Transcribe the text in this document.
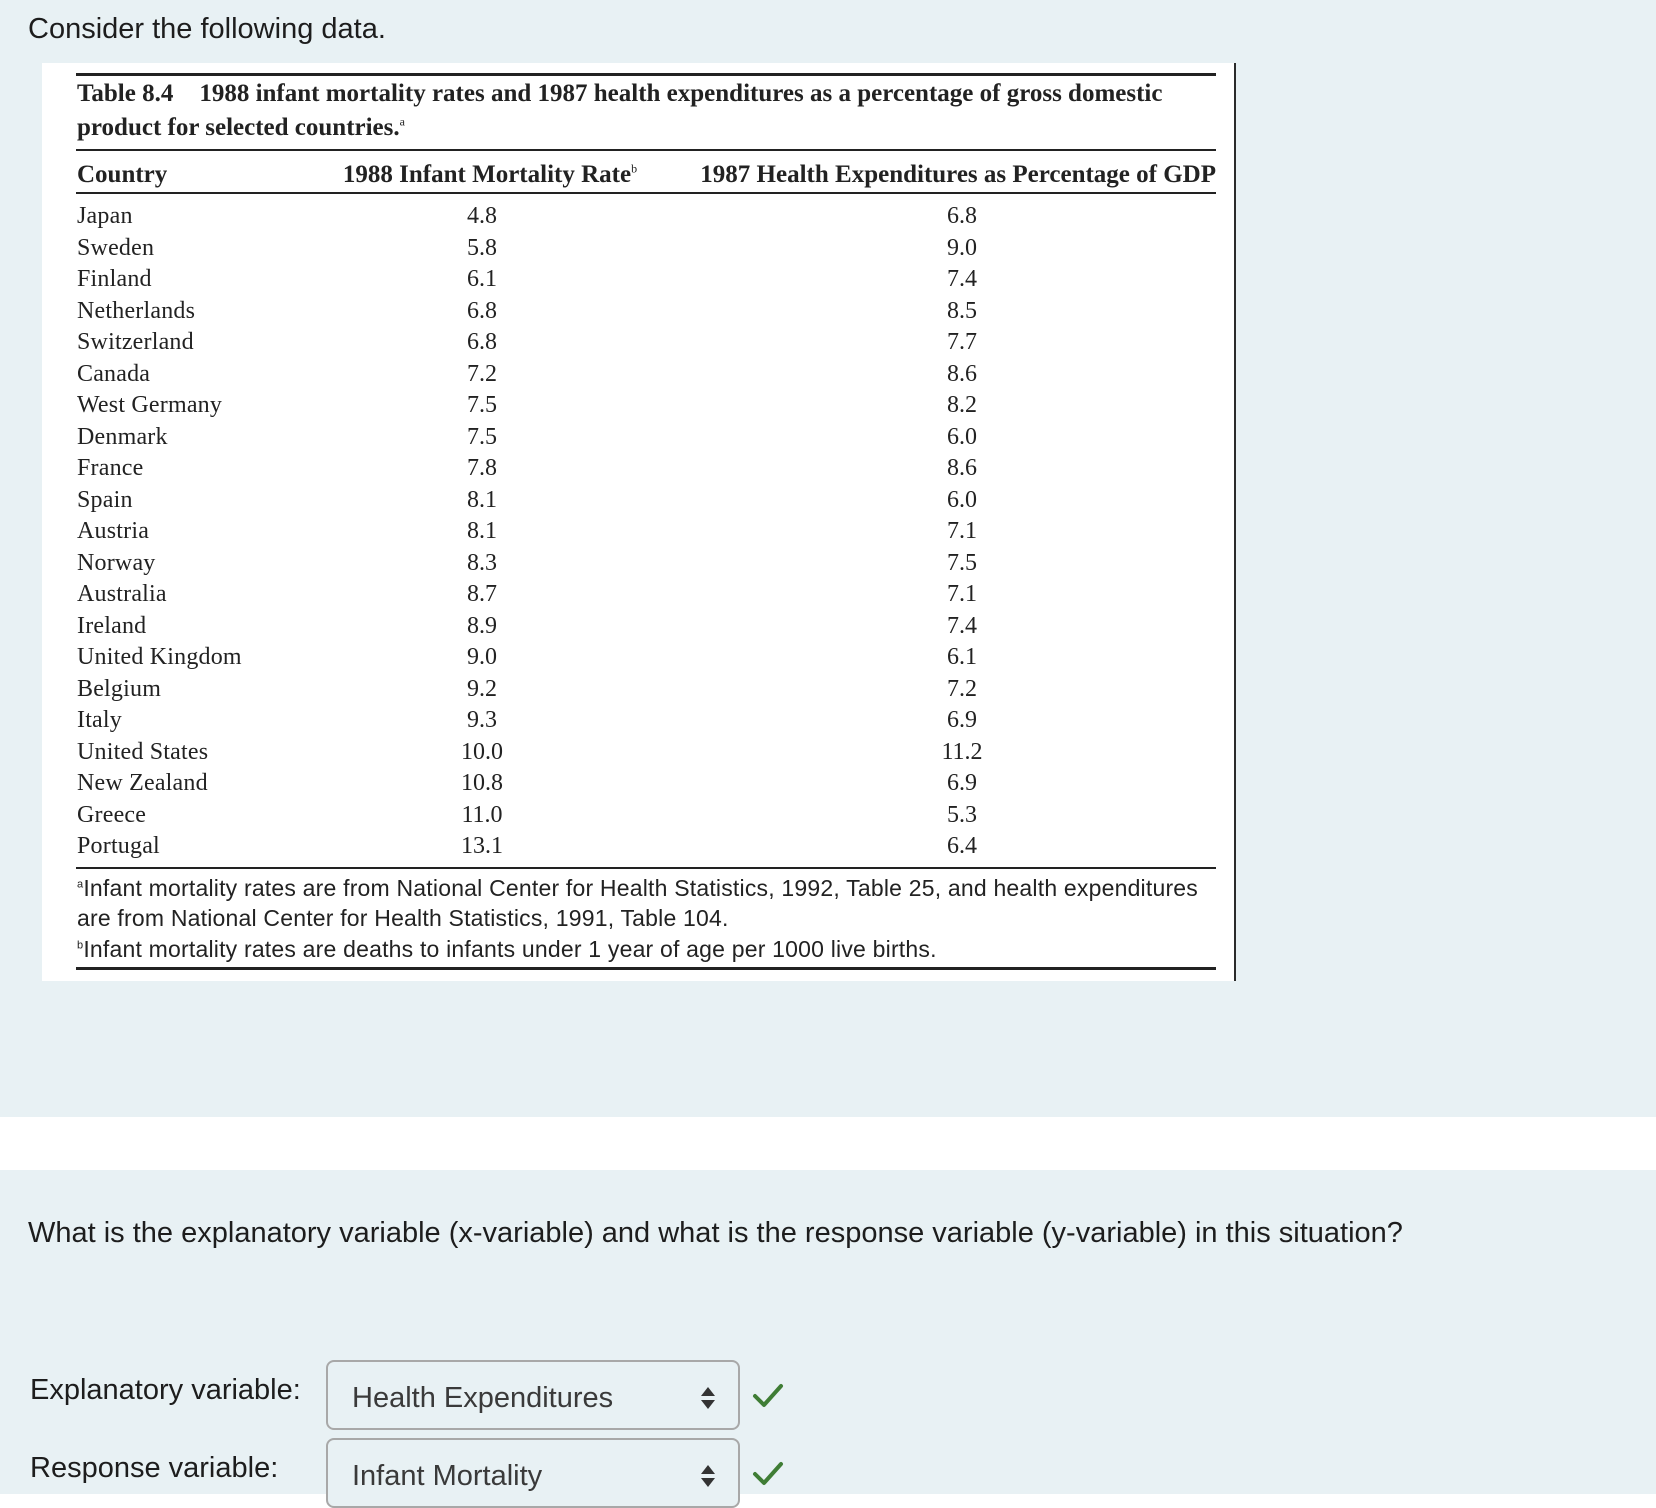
Consider the following data.
Table 8.4 1988 infant mortality rates and 1987 health expenditures as a percentage of gross domestic product for selected countries.$^a$
Country	1988 Infant Mortality Rate$^b$	1987 Health Expenditures as Percentage of GDP
Japan	4.8	6.8
Sweden	5.8	9.0
Finland	6.1	7.4
Netherlands	6.8	8.5
Switzerland	6.8	7.7
Canada	7.2	8.6
West Germany	7.5	8.2
Denmark	7.5	6.0
France	7.8	8.6
Spain	8.1	6.0
Austria	8.1	7.1
Norway	8.3	7.5
Australia	8.7	7.1
Ireland	8.9	7.4
United Kingdom	9.0	6.1
Belgium	9.2	7.2
Italy	9.3	6.9
United States	10.0	11.2
New Zealand	10.8	6.9
Greece	11.0	5.3
Portugal	13.1	6.4
$^a$Infant mortality rates are from National Center for Health Statistics, 1992, Table 25, and health expenditures are from National Center for Health Statistics, 1991, Table 104.
$^b$Infant mortality rates are deaths to infants under 1 year of age per 1000 live births.
What is the explanatory variable (x-variable) and what is the response variable (y-variable) in this situation?
Explanatory variable: Health Expenditures
Response variable:	Infant Mortality
